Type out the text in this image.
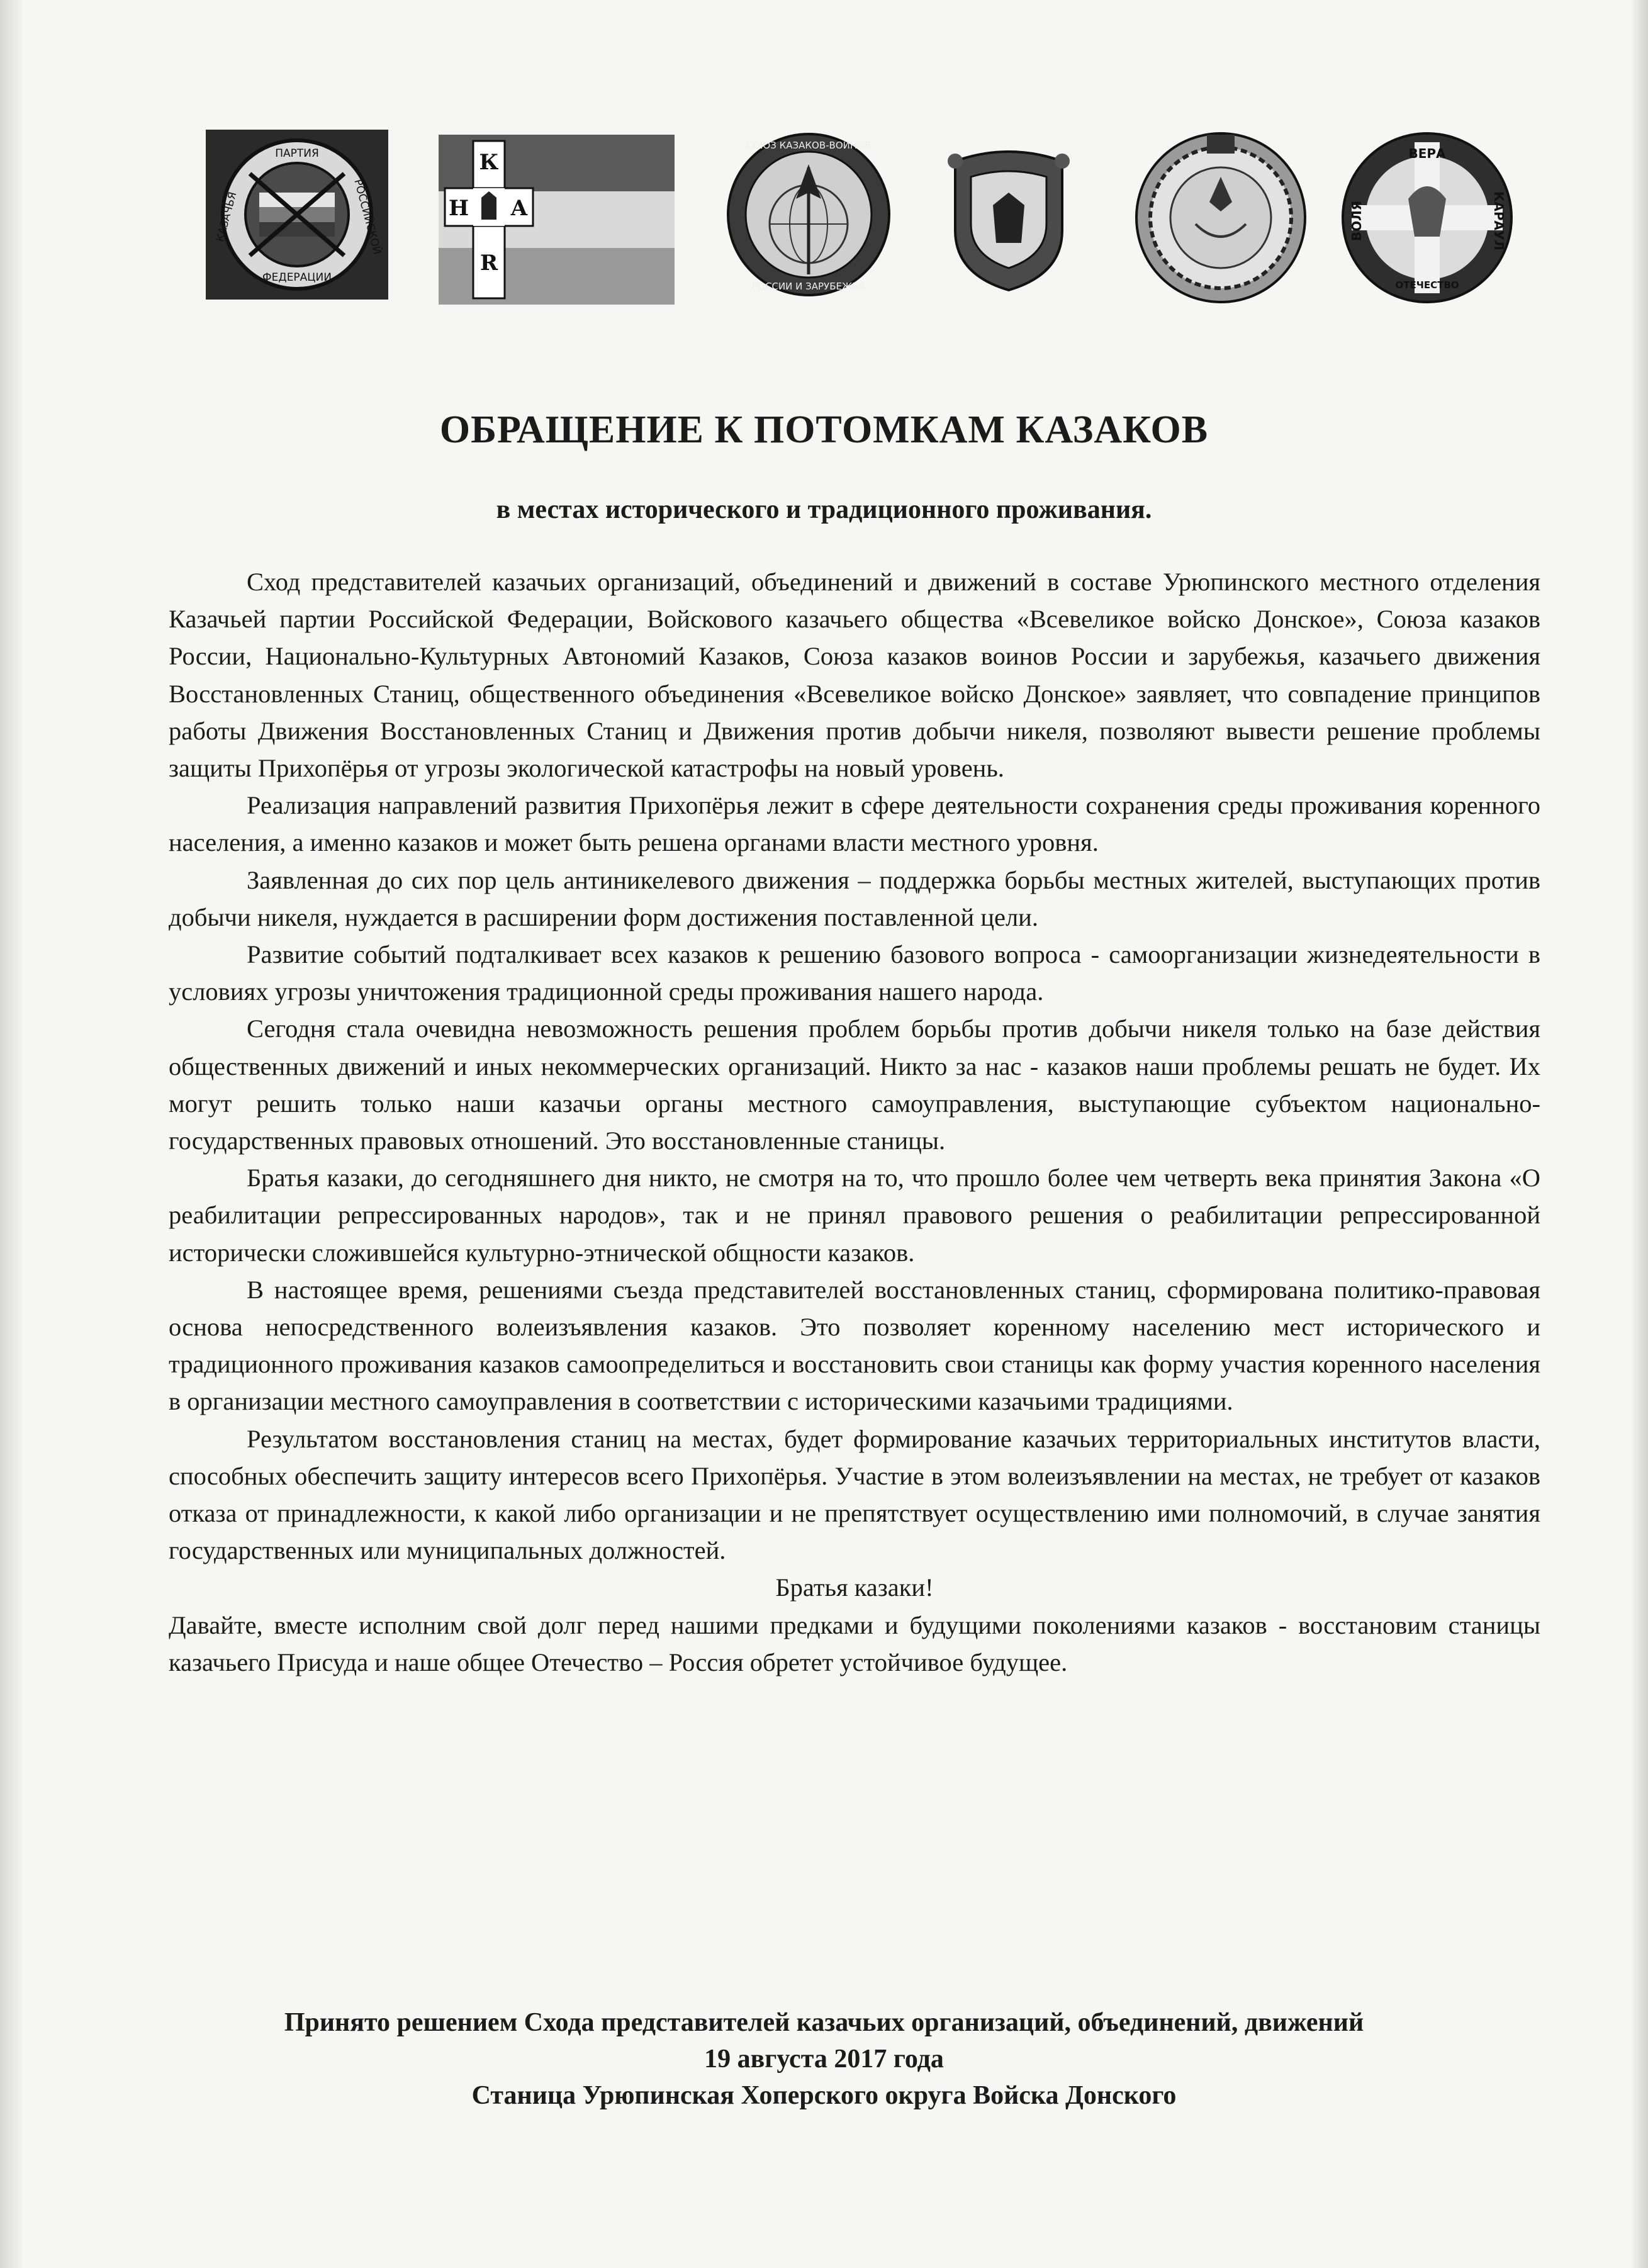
ПАРТИЯ
ФЕДЕРАЦИИ
КАЗАЧЬЯ	РОССИЙСКОЙ
К
Н А
R
СОЮЗ КАЗАКОВ-ВОИНОВ
РОССИИ И ЗАРУБЕЖЬЯ
ВЕРА
ОТЕЧЕСТВО
ВОЛЯ	КАРАУЛ
ОБРАЩЕНИЕ К ПОТОМКАМ КАЗАКОВ
в местах исторического и традиционного проживания.

Сход представителей казачьих организаций, объединений и движений в составе Урюпинского местного отделения Казачьей партии Российской Федерации, Войскового казачьего общества «Всевеликое войско Донское», Союза казаков России, Национально-Культурных Автономий Казаков, Союза казаков воинов России и зарубежья, казачьего движения Восстановленных Станиц, общественного объединения «Всевеликое войско Донское» заявляет, что совпадение принципов работы Движения Восстановленных Станиц и Движения против добычи никеля, позволяют вывести решение проблемы защиты Прихопёрья от угрозы экологической катастрофы на новый уровень.

Реализация направлений развития Прихопёрья лежит в сфере деятельности сохранения среды проживания коренного населения, а именно казаков и может быть решена органами власти местного уровня.

Заявленная до сих пор цель антиникелевого движения – поддержка борьбы местных жителей, выступающих против добычи никеля, нуждается в расширении форм достижения поставленной цели.

Развитие событий подталкивает всех казаков к решению базового вопроса - самоорганизации жизнедеятельности в условиях угрозы уничтожения традиционной среды проживания нашего народа.

Сегодня стала очевидна невозможность решения проблем борьбы против добычи никеля только на базе действия общественных движений и иных некоммерческих организаций. Никто за нас - казаков наши проблемы решать не будет. Их могут решить только наши казачьи органы местного самоуправления, выступающие субъектом национально-государственных правовых отношений. Это восстановленные станицы.

Братья казаки, до сегодняшнего дня никто, не смотря на то, что прошло более чем четверть века принятия Закона «О реабилитации репрессированных народов», так и не принял правового решения о реабилитации репрессированной исторически сложившейся культурно-этнической общности казаков.

В настоящее время, решениями съезда представителей восстановленных станиц, сформирована политико-правовая основа непосредственного волеизъявления казаков. Это позволяет коренному населению мест исторического и традиционного проживания казаков самоопределиться и восстановить свои станицы как форму участия коренного населения в организации местного самоуправления в соответствии с историческими казачьими традициями.

Результатом восстановления станиц на местах, будет формирование казачьих территориальных институтов власти, способных обеспечить защиту интересов всего Прихопёрья. Участие в этом волеизъявлении на местах, не требует от казаков отказа от принадлежности, к какой либо организации и не препятствует осуществлению ими полномочий, в случае занятия государственных или муниципальных должностей.

Братья казаки!

Давайте, вместе исполним свой долг перед нашими предками и будущими поколениями казаков - восстановим станицы казачьего Присуда и наше общее Отечество – Россия обретет устойчивое будущее.

Принято решением Схода представителей казачьих организаций, объединений, движений
19 августа 2017 года
Станица Урюпинская Хоперского округа Войска Донского
